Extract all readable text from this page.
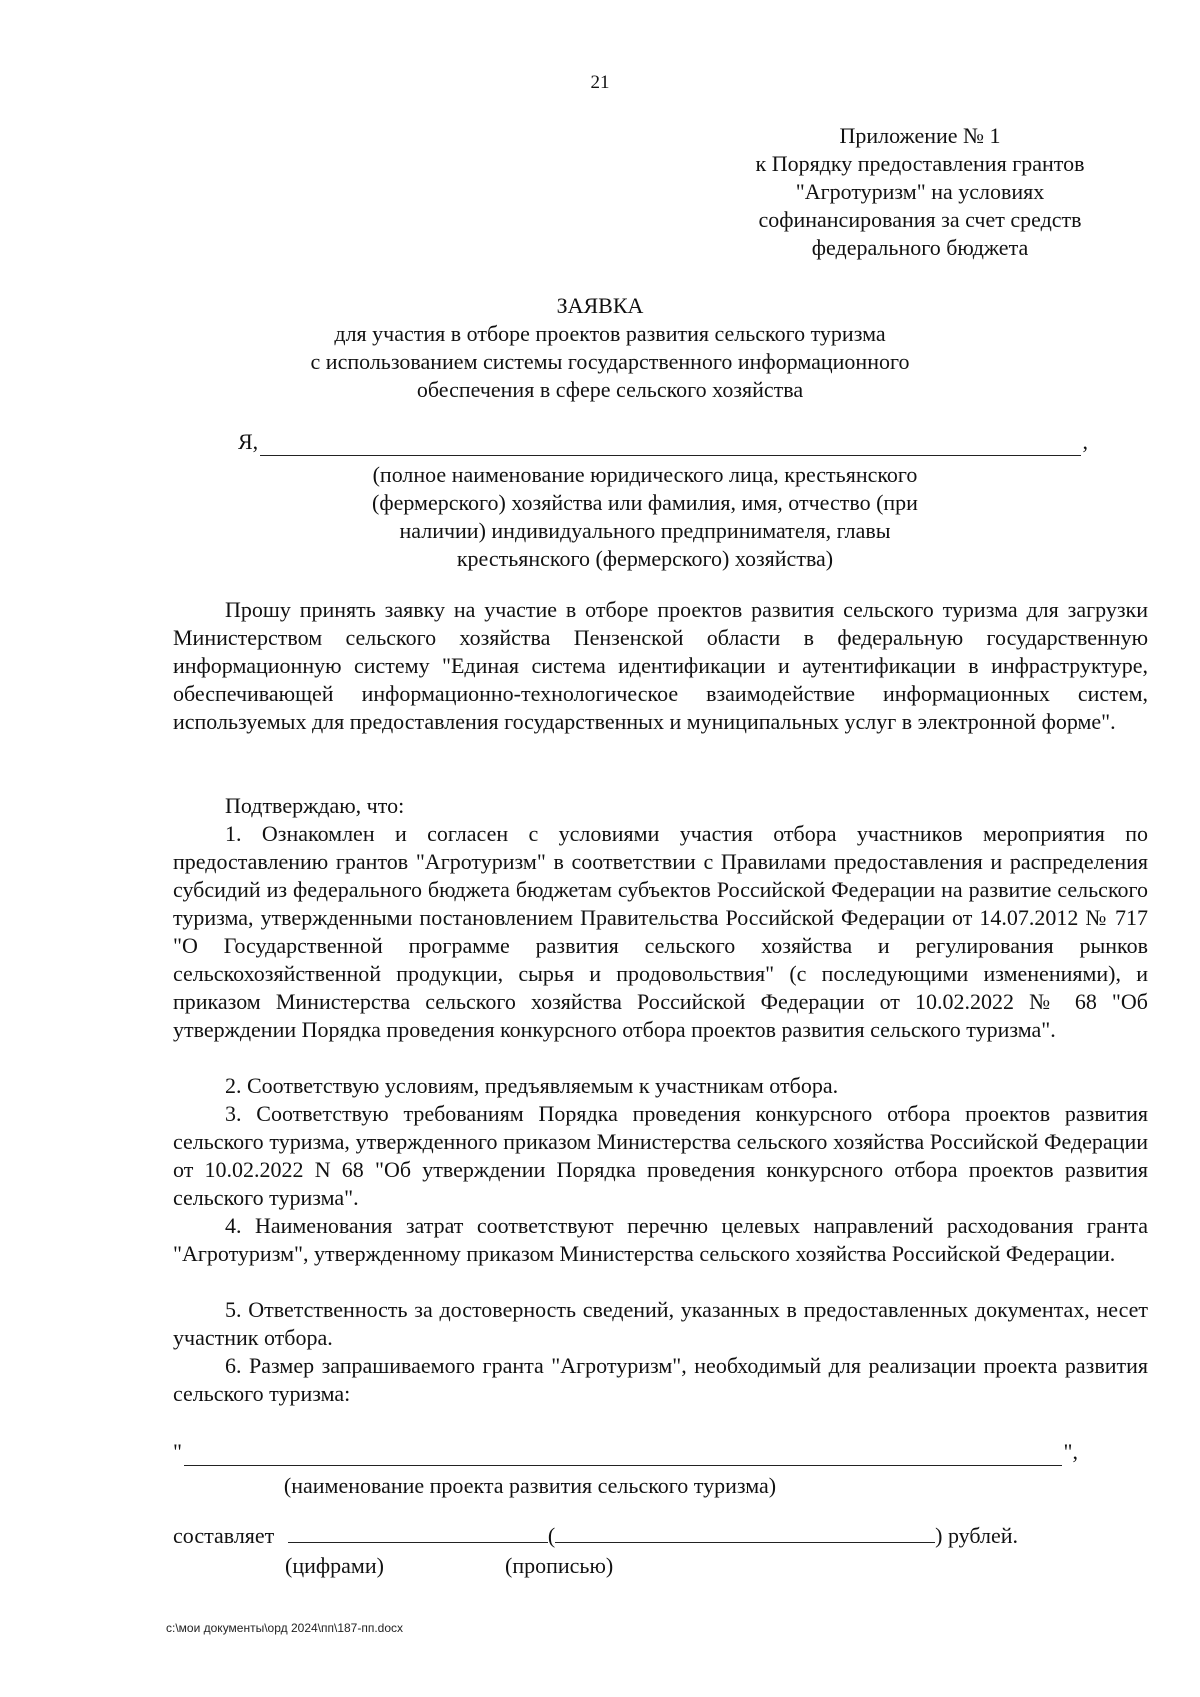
21
Приложение № 1
к Порядку предоставления грантов
"Агротуризм" на условиях
софинансирования за счет средств
федерального бюджета
ЗАЯВКА
для участия в отборе проектов развития сельского туризма
с использованием системы государственного информационного
обеспечения в сфере сельского хозяйства
Я,	,
(полное наименование юридического лица, крестьянского
(фермерского) хозяйства или фамилия, имя, отчество (при
наличии) индивидуального предпринимателя, главы
крестьянского (фермерского) хозяйства)
Прошу принять заявку на участие в отборе проектов развития сельского туризма для загрузки Министерством сельского хозяйства Пензенской области в федеральную государственную информационную систему "Единая система идентификации и аутентификации в инфраструктуре, обеспечивающей информационно-технологическое взаимодействие информационных систем, используемых для предоставления государственных и муниципальных услуг в электронной форме".
Подтверждаю, что:
1. Ознакомлен и согласен с условиями участия отбора участников мероприятия по предоставлению грантов "Агротуризм" в соответствии с Правилами предоставления и распределения субсидий из федерального бюджета бюджетам субъектов Российской Федерации на развитие сельского туризма, утвержденными постановлением Правительства Российской Федерации от 14.07.2012 № 717 "О Государственной программе развития сельского хозяйства и регулирования рынков сельскохозяйственной продукции, сырья и продовольствия" (с последующими изменениями), и приказом Министерства сельского хозяйства Российской Федерации от 10.02.2022 № 68 "Об утверждении Порядка проведения конкурсного отбора проектов развития сельского туризма".
2. Соответствую условиям, предъявляемым к участникам отбора.
3. Соответствую требованиям Порядка проведения конкурсного отбора проектов развития сельского туризма, утвержденного приказом Министерства сельского хозяйства Российской Федерации от 10.02.2022 N 68 "Об утверждении Порядка проведения конкурсного отбора проектов развития сельского туризма".
4. Наименования затрат соответствуют перечню целевых направлений расходования гранта "Агротуризм", утвержденному приказом Министерства сельского хозяйства Российской Федерации.
5. Ответственность за достоверность сведений, указанных в предоставленных документах, несет участник отбора.
6. Размер запрашиваемого гранта "Агротуризм", необходимый для реализации проекта развития сельского туризма:
"	",
(наименование проекта развития сельского туризма)
составляет	(	) рублей.
(цифрами)	(прописью)
c:\мои документы\орд 2024\пп\187-пп.docx
